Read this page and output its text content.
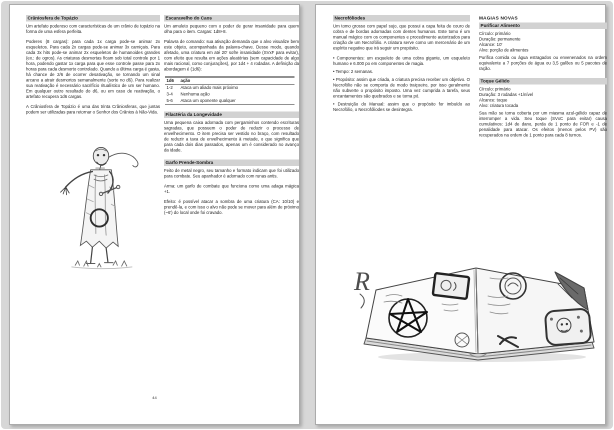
Crâniosfera de Topázio

Um artefato poderoso com características de um crânio de topázio na forma de uma esfera perfeita.

Poderes (8 cargas): para cada 1x carga pode-se animar 2x esqueletos. Para cada 2x cargas pode-se animar 3x carniçais. Para cada 3x hits pode-se animar 2x esqueletos de humanoides grandes (ex.: de ogros). As criaturas desmortas ficam sob total controle por 1 hora, podendo gastar 1x carga para que esse controle passe para 2x horas para cada desmorto controlado. Quando a última carga é gasta, há chance de 2/6 de ocorrer desativação, se tornando um sinal arcano a atrair desmortos semanalmente (sorte no d6). Para realizar sua reativação é necessário sacrifício ritualístico de um ser humano. Em qualquer outro resultado do d6, ou em caso de reativação, o artefato recupera 1d6 cargas.

A Crâniosfera de Topázio é uma das trinta Crâniosferas, que juntas podem ser utilizadas para retornar o Senhor dos Crânios à Não-Vida.

Escaravelho do Caos

Um amuleto pequeno com o poder de gerar insanidade para quem olha para o item. Cargas: 1d8+8.

Palavra de comando: sua ativação demanda que o alvo visualize bem este objeto, acompanhada da palavra-chave. Desse modo, quando afetado, uma criatura em até 20' sofre insanidade (SVxF para evitar), com efeito que resulta em ações aleatórias (sem capacidade de algo mais racional, como conjurações), por 1d4 + 4 rodadas. A definição da abordagem é (1d6):

1d6	ação
1-2	Ataca um aliado mais próximo
3-4	Nenhuma ação
5-6	Ataca um oponente qualquer
Filactéria da Longevidade

Uma pequena caixa adornada com pergaminhos contendo escrituras sagradas, que possuem o poder de reduzir o processo de envelhecimento. O item precisa ser vestido no braço, com resultado de reduzir a taxa de envelhecimento à metade, o que significa que para cada dois dias passados, apenas um é considerado no avanço da idade.

Garfo Prende-Sombra

Feito de metal negro, seu tamanho e formato indicam que foi utilizado para combate. Seu apanhador é adornado com runas antis.

Arma: um garfo de combate que funciona como uma adaga mágica +1.

Efeito: é possível atacar a sombra de uma criatura (CA: 10/10) e prendê-la, e com isso o alvo não pode se mover para além de próximo (~6') do local onde foi cravado.

44
Necrofóliodes

Um tomo grosso com papel sujo, que possui a capa feita de couro de cobra e de bordas adornadas com dentes humanos. Este tomo é um manual mágico com os componentes e procedimento autorizados para criação de um Necrofólio. A criatura serve como um mercenário de um espírito negativo que irá seguir um propósito.

• Componentes: um esqueleto de uma cobra gigante, um esqueleto humano e 6.000 po em componentes de magia.

• Tempo: 2 semanas.

• Propósito: assim que criada, a criatura precisa receber um objetivo. O Necrofólio não se comporta de modo traiçoeiro, por isso geralmente não subverte o propósito imposto. Uma vez cumprida a tarefa, seus encantamentos são quebrados e se torna pó.

• Destruição do Manual: assim que o propósito for imbuído ao Necrofólio, o Necrofóliodes se desintegra.

MAGIAS NOVAS
Purificar Alimento
Círculo: primário
Duração: permanente
Alcance: 10'
Alvo: porção de alimentos

Purifica comida ou água estragados ou envenenados na ordem equivalente a 7 porções de água ou 3,5 galões ou 5 pacotes de ração.

Toque Gélido
Círculo: primário
Duração: 3 rodadas +1/nível
Alcance: toque
Alvo: criatura tocada

Sua mão se torna coberta por um miasma azul-gélido capaz de interromper a vida. Seu toque (SVxC para evitar) causa cumulativos: 1d4 de dano, perda de 1 ponto de FOR e -1 de penalidade para atacar. Os efeitos (menos pelos PV) são recuperados na ordem de 1 ponto para cada 8 turnos.

R
